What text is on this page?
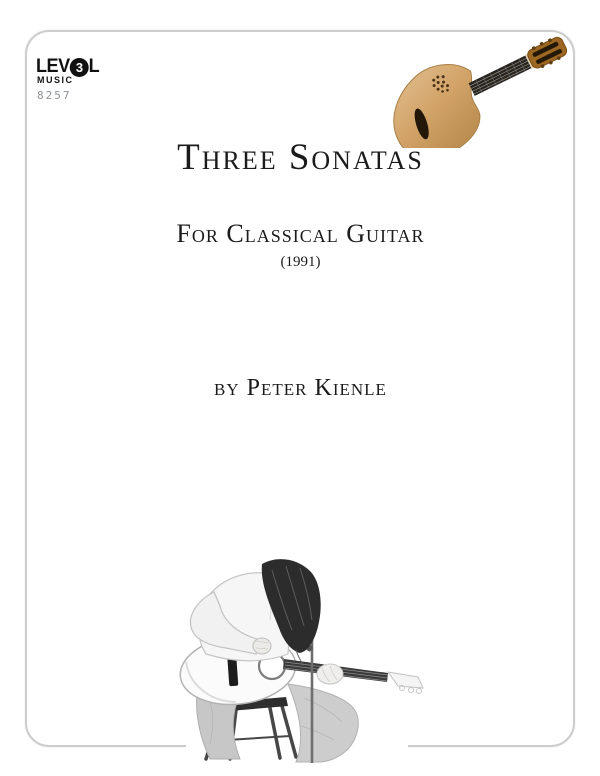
LEV 3 L
MUSIC
8257
Three Sonatas
For Classical Guitar
(1991)
by Peter Kienle
